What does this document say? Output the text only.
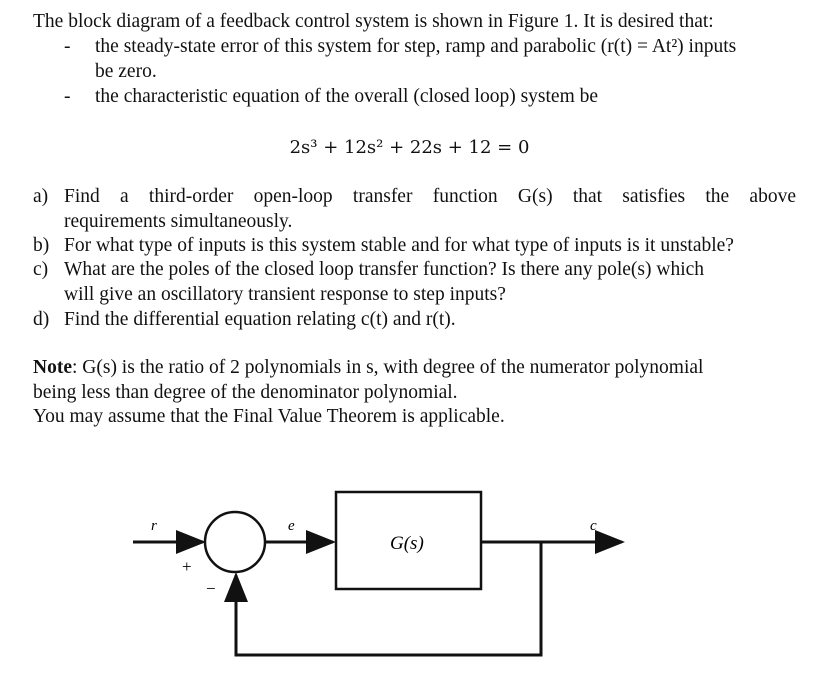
The block diagram of a feedback control system is shown in Figure 1. It is desired that:
- the steady-state error of this system for step, ramp and parabolic (r(t) = At²) inputs
be zero.
- the characteristic equation of the overall (closed loop) system be
2s³ + 12s² + 22s + 12 = 0
a) Find a third-order open-loop transfer function G(s) that satisfies the above
requirements simultaneously.
b) For what type of inputs is this system stable and for what type of inputs is it unstable?
c) What are the poles of the closed loop transfer function? Is there any pole(s) which
will give an oscillatory transient response to step inputs?
d) Find the differential equation relating c(t) and r(t).
Note: G(s) is the ratio of 2 polynomials in s, with degree of the numerator polynomial
being less than degree of the denominator polynomial.
You may assume that the Final Value Theorem is applicable.
r	e	c
G(s)
+
−
